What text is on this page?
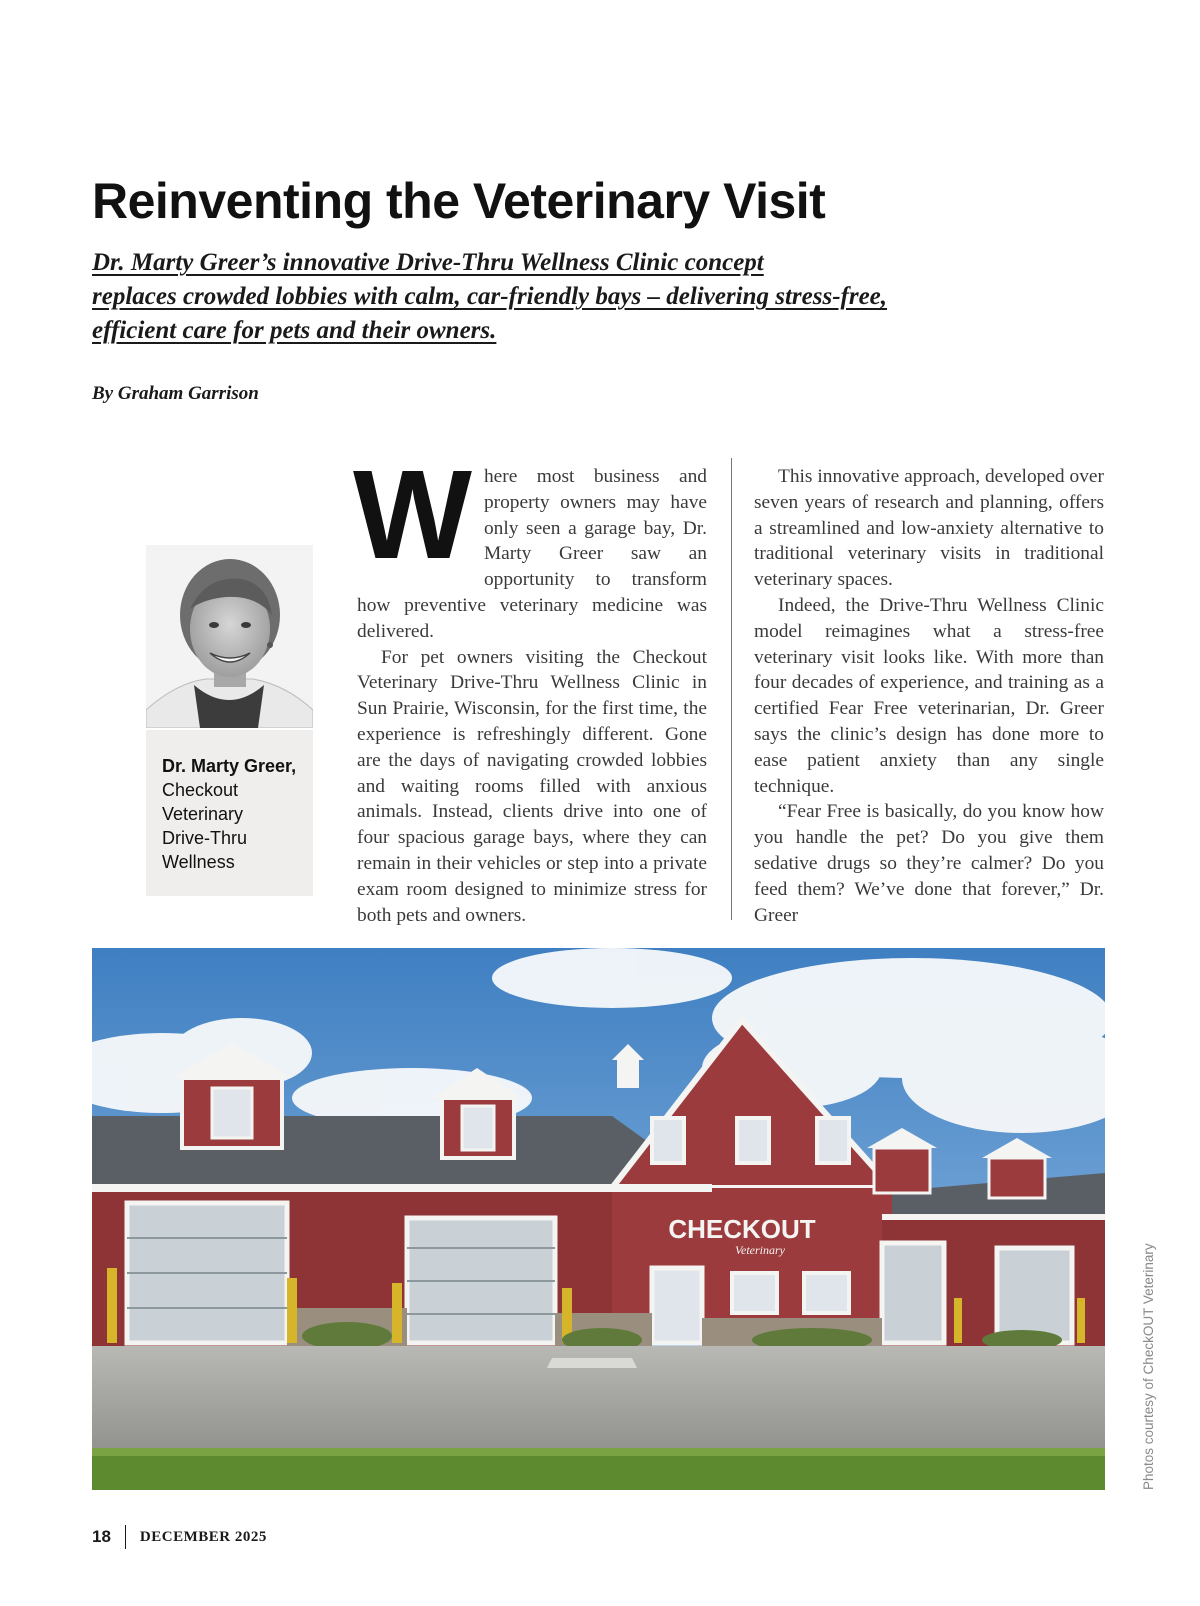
Reinventing the Veterinary Visit
Dr. Marty Greer’s innovative Drive-Thru Wellness Clinic concept
replaces crowded lobbies with calm, car-friendly bays – delivering stress-free,
efficient care for pets and their owners.
By Graham Garrison
Dr. Marty Greer,
Checkout
Veterinary
Drive-Thru
Wellness

Where most business and property owners may have only seen a garage bay, Dr. Marty Greer saw an opportunity to transform how preventive veterinary medicine was delivered.

For pet owners visiting the Checkout Veterinary Drive-Thru Wellness Clinic in Sun Prairie, Wisconsin, for the first time, the experience is refreshingly different. Gone are the days of navigating crowded lobbies and waiting rooms filled with anxious animals. Instead, clients drive into one of four spacious garage bays, where they can remain in their vehicles or step into a private exam room designed to minimize stress for both pets and owners.

This innovative approach, developed over seven years of research and planning, offers a streamlined and low-anxiety alternative to traditional veterinary visits in traditional veterinary spaces.

Indeed, the Drive-Thru Wellness Clinic model reimagines what a stress-free veterinary visit looks like. With more than four decades of experience, and training as a certified Fear Free veterinarian, Dr. Greer says the clinic’s design has done more to ease patient anxiety than any single technique.

“Fear Free is basically, do you know how you handle the pet? Do you give them sedative drugs so they’re calmer? Do you feed them? We’ve done that forever,” Dr. Greer

CHECKOUT
Veterinary	Photos courtesy of CheckOUT Veterinary
18 DECEMBER 2025
